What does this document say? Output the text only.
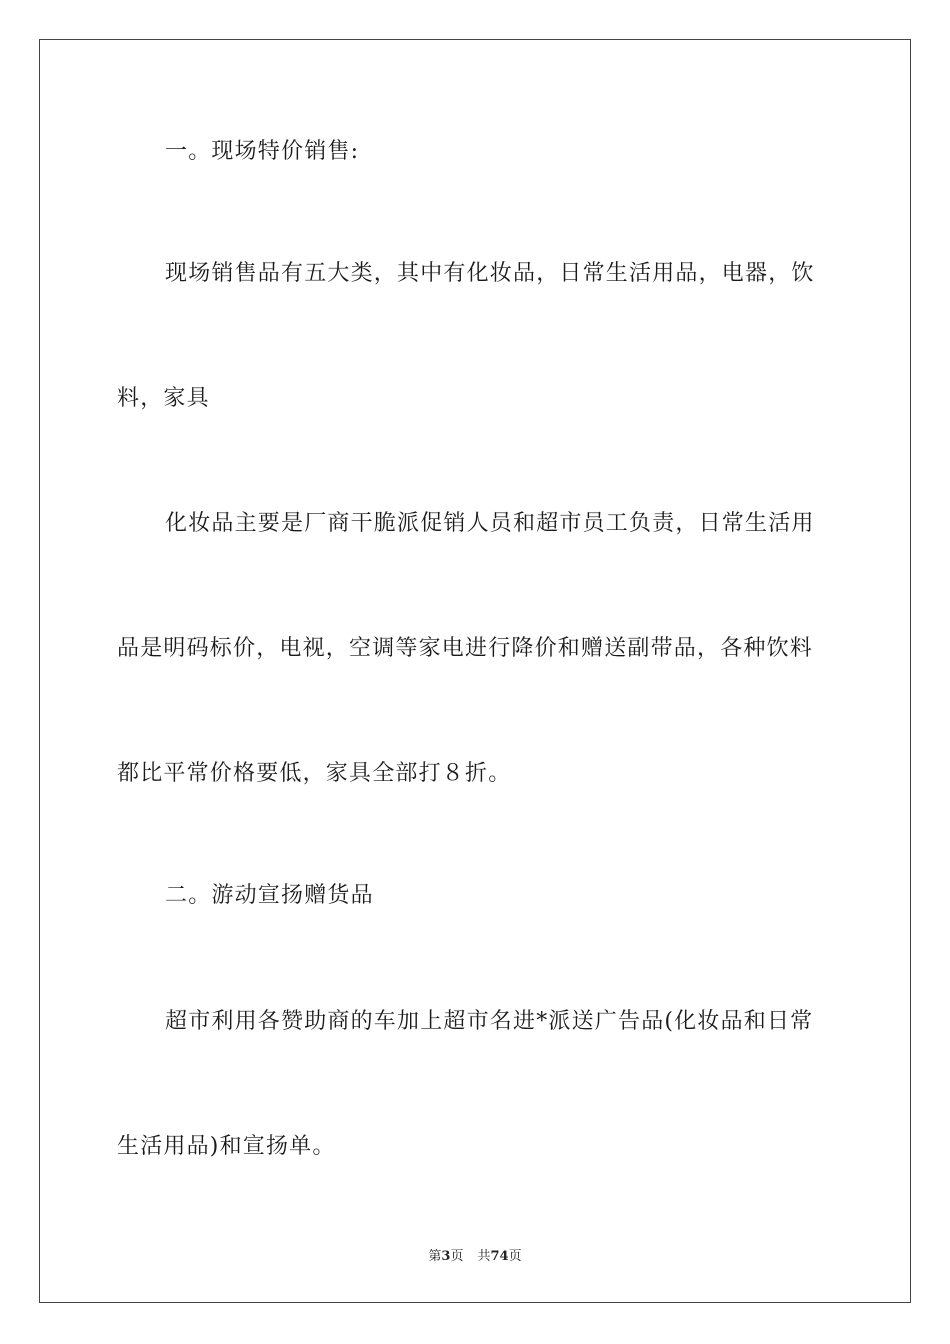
一。现场特价销售:
现场销售品有五大类，其中有化妆品，日常生活用品，电器，饮
料，家具
化妆品主要是厂商干脆派促销人员和超市员工负责，日常生活用
品是明码标价，电视，空调等家电进行降价和赠送副带品，各种饮料
都比平常价格要低，家具全部打８折。
二。游动宣扬赠货品
超市利用各赞助商的车加上超市名进*派送广告品(化妆品和日常
生活用品)和宣扬单。
第3页 共74页
